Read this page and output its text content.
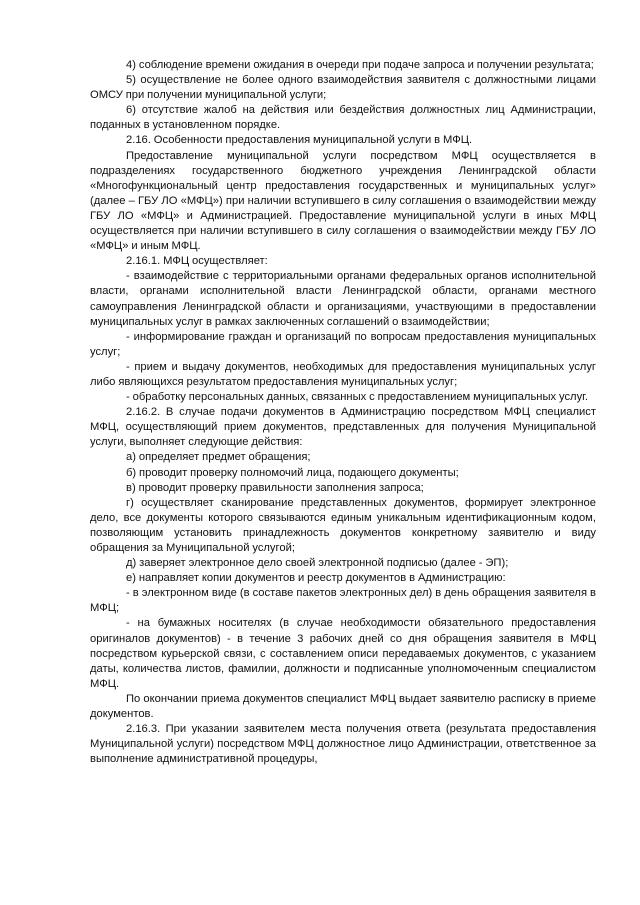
4) соблюдение времени ожидания в очереди при подаче запроса и получении результата;

5) осуществление не более одного взаимодействия заявителя с должностными лицами ОМСУ при получении муниципальной услуги;

6) отсутствие жалоб на действия или бездействия должностных лиц Администрации, поданных в установленном порядке.

2.16. Особенности предоставления муниципальной услуги в МФЦ.

Предоставление муниципальной услуги посредством МФЦ осуществляется в подразделениях государственного бюджетного учреждения Ленинградской области «Многофункциональный центр предоставления государственных и муниципальных услуг» (далее – ГБУ ЛО «МФЦ») при наличии вступившего в силу соглашения о взаимодействии между ГБУ ЛО «МФЦ» и Администрацией. Предоставление муниципальной услуги в иных МФЦ осуществляется при наличии вступившего в силу соглашения о взаимодействии между ГБУ ЛО «МФЦ» и иным МФЦ.

2.16.1. МФЦ осуществляет:

- взаимодействие с территориальными органами федеральных органов исполнительной власти, органами исполнительной власти Ленинградской области, органами местного самоуправления Ленинградской области и организациями, участвующими в предоставлении муниципальных услуг в рамках заключенных соглашений о взаимодействии;

- информирование граждан и организаций по вопросам предоставления муниципальных услуг;

- прием и выдачу документов, необходимых для предоставления муниципальных услуг либо являющихся результатом предоставления муниципальных услуг;

- обработку персональных данных, связанных с предоставлением муниципальных услуг.

2.16.2. В случае подачи документов в Администрацию посредством МФЦ специалист МФЦ, осуществляющий прием документов, представленных для получения Муниципальной услуги, выполняет следующие действия:

а) определяет предмет обращения;

б) проводит проверку полномочий лица, подающего документы;

в) проводит проверку правильности заполнения запроса;

г) осуществляет сканирование представленных документов, формирует электронное дело, все документы которого связываются единым уникальным идентификационным кодом, позволяющим установить принадлежность документов конкретному заявителю и виду обращения за Муниципальной услугой;

д) заверяет электронное дело своей электронной подписью (далее - ЭП);

е) направляет копии документов и реестр документов в Администрацию:

- в электронном виде (в составе пакетов электронных дел) в день обращения заявителя в МФЦ;

- на бумажных носителях (в случае необходимости обязательного предоставления оригиналов документов) - в течение 3 рабочих дней со дня обращения заявителя в МФЦ посредством курьерской связи, с составлением описи передаваемых документов, с указанием даты, количества листов, фамилии, должности и подписанные уполномоченным специалистом МФЦ.

По окончании приема документов специалист МФЦ выдает заявителю расписку в приеме документов.

2.16.3. При указании заявителем места получения ответа (результата предоставления Муниципальной услуги) посредством МФЦ должностное лицо Администрации, ответственное за выполнение административной процедуры,
